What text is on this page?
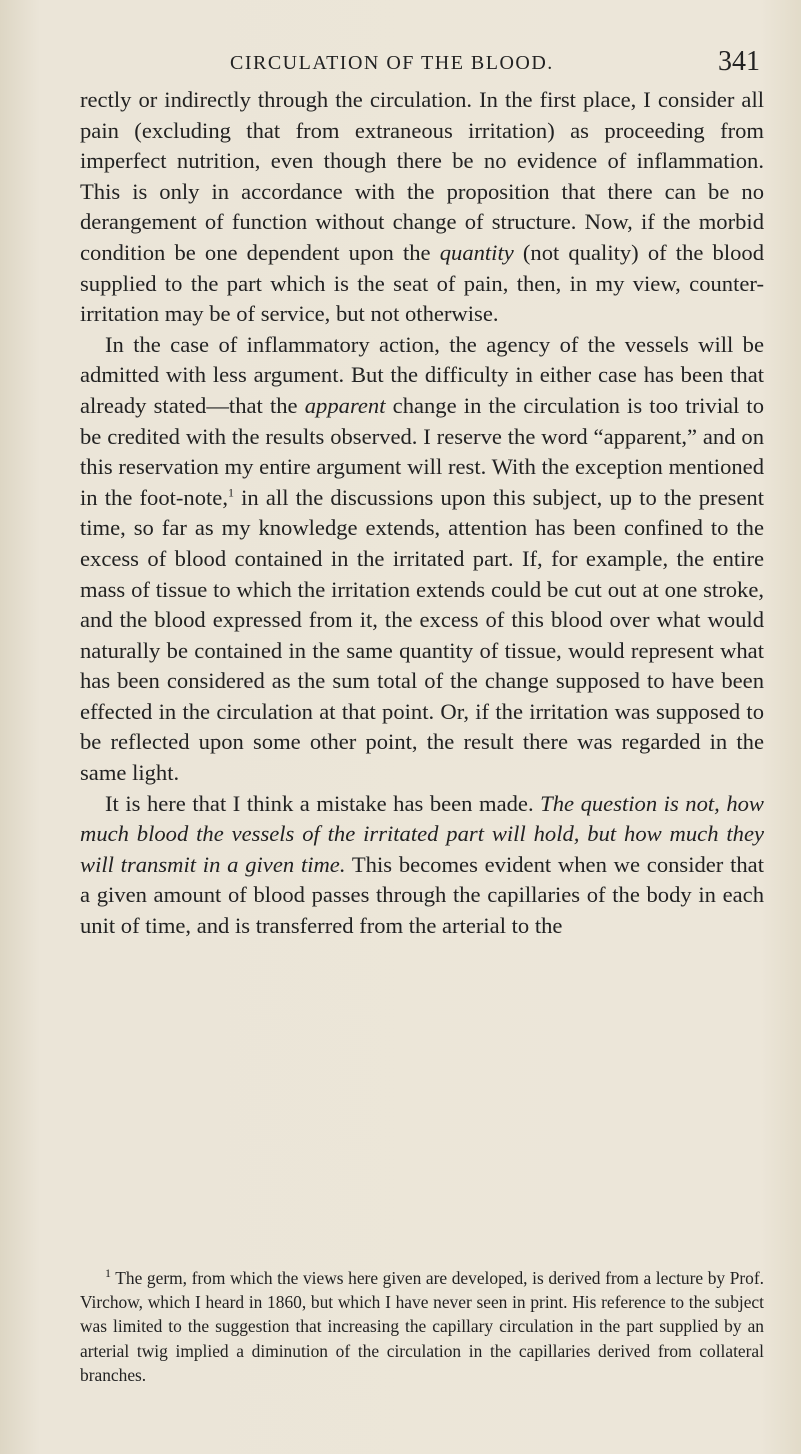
CIRCULATION OF THE BLOOD.	341

rectly or indirectly through the circulation. In the first place, I consider all pain (excluding that from extraneous irritation) as proceeding from imperfect nutrition, even though there be no evidence of inflammation. This is only in accordance with the proposition that there can be no derangement of function without change of structure. Now, if the morbid condition be one dependent upon the quantity (not quality) of the blood supplied to the part which is the seat of pain, then, in my view, counter-irritation may be of service, but not otherwise.

In the case of inflammatory action, the agency of the vessels will be admitted with less argument. But the difficulty in either case has been that already stated—that the apparent change in the circulation is too trivial to be credited with the results observed. I reserve the word “apparent,” and on this reservation my entire argument will rest. With the exception mentioned in the foot-note,$^1$ in all the discussions upon this subject, up to the present time, so far as my knowledge extends, attention has been confined to the excess of blood contained in the irritated part. If, for example, the entire mass of tissue to which the irritation extends could be cut out at one stroke, and the blood expressed from it, the excess of this blood over what would naturally be contained in the same quantity of tissue, would represent what has been considered as the sum total of the change supposed to have been effected in the circulation at that point. Or, if the irritation was supposed to be reflected upon some other point, the result there was regarded in the same light.

It is here that I think a mistake has been made. The question is not, how much blood the vessels of the irritated part will hold, but how much they will transmit in a given time. This becomes evident when we consider that a given amount of blood passes through the capillaries of the body in each unit of time, and is transferred from the arterial to the

$^1$ The germ, from which the views here given are developed, is derived from a lecture by Prof. Virchow, which I heard in 1860, but which I have never seen in print. His reference to the subject was limited to the suggestion that increasing the capillary circulation in the part supplied by an arterial twig implied a diminution of the circulation in the capillaries derived from collateral branches.
